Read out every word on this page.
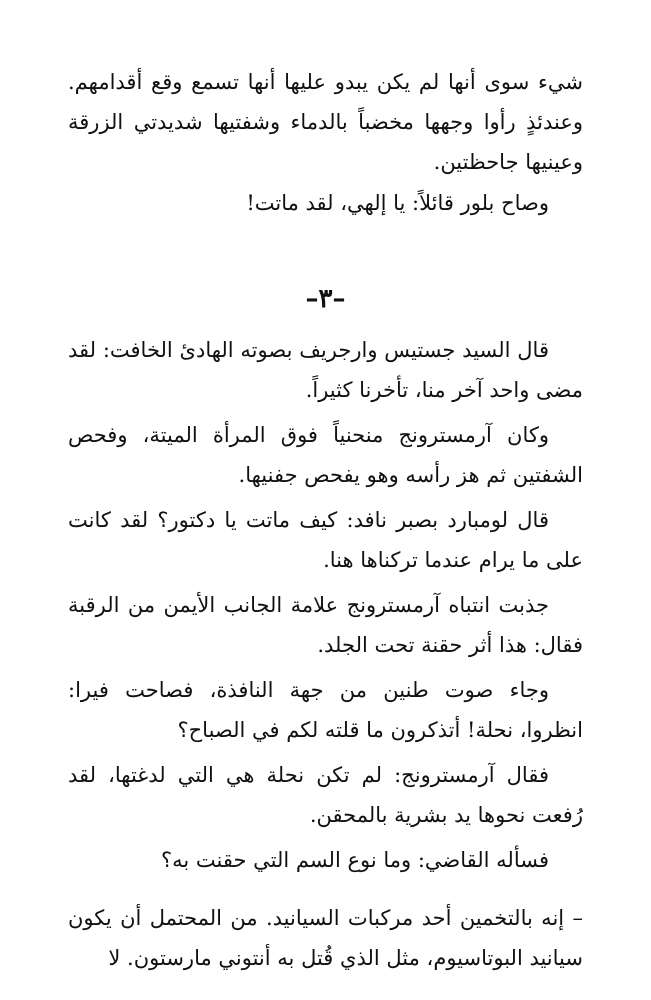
شيء سوى أنها لم يكن يبدو عليها أنها تسمع وقع أقدامهم. وعندئذٍ رأوا وجهها مخضباً بالدماء وشفتيها شديدتي الزرقة وعينيها جاحظتين.

وصاح بلور قائلاً: يا إلهي، لقد ماتت!

–٣–

قال السيد جستيس وارجريف بصوته الهادئ الخافت: لقد مضى واحد آخر منا، تأخرنا كثيراً.

وكان آرمسترونج منحنياً فوق المرأة الميتة، وفحص الشفتين ثم هز رأسه وهو يفحص جفنيها.

قال لومبارد بصبر نافد: كيف ماتت يا دكتور؟ لقد كانت على ما يرام عندما تركناها هنا.

جذبت انتباه آرمسترونج علامة الجانب الأيمن من الرقبة فقال: هذا أثر حقنة تحت الجلد.

وجاء صوت طنين من جهة النافذة، فصاحت فيرا: انظروا، نحلة! أتذكرون ما قلته لكم في الصباح؟

فقال آرمسترونج: لم تكن نحلة هي التي لدغتها، لقد رُفعت نحوها يد بشرية بالمحقن.

فسأله القاضي: وما نوع السم التي حقنت به؟

– إنه بالتخمين أحد مركبات السيانيد. من المحتمل أن يكون سيانيد البوتاسيوم، مثل الذي قُتل به أنتوني مارستون. لا
